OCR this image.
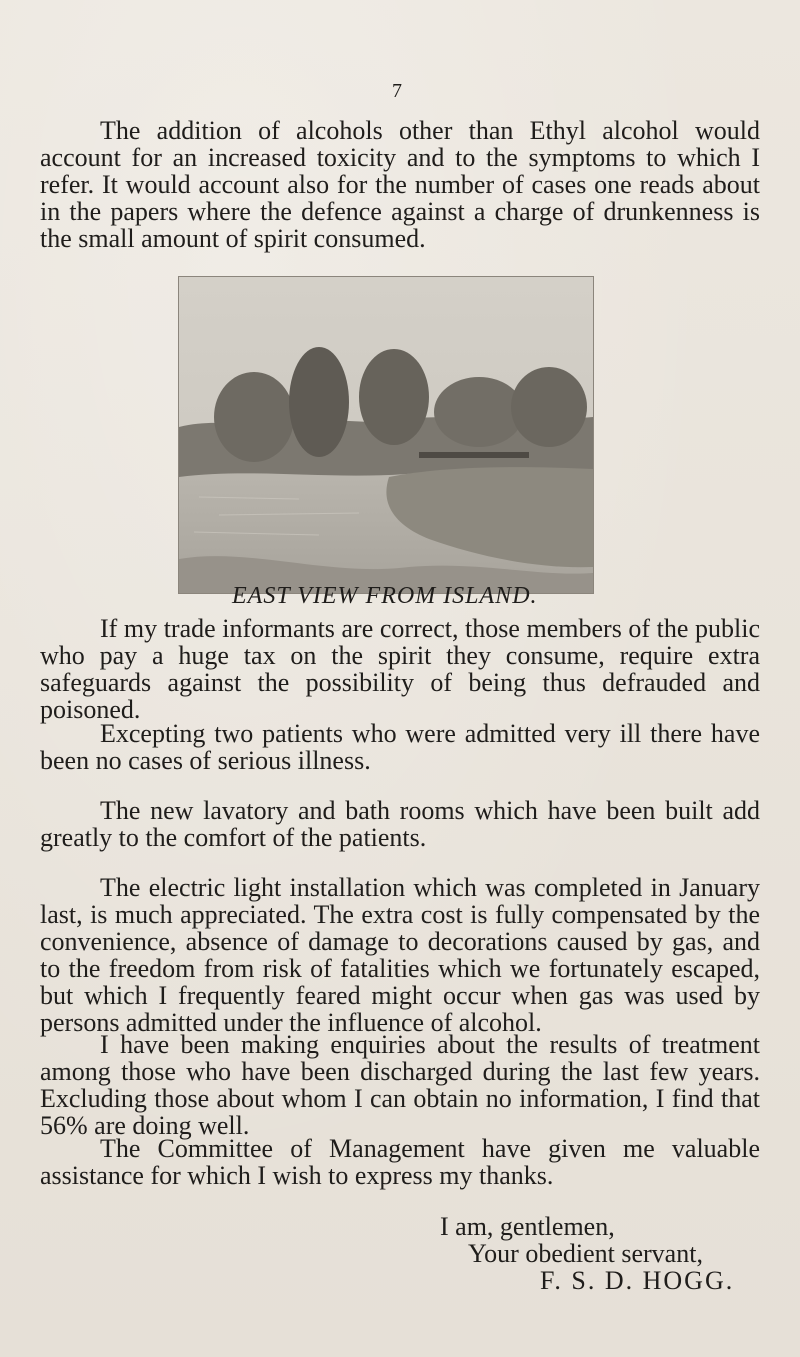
7

The addition of alcohols other than Ethyl alcohol would account for an increased toxicity and to the symptoms to which I refer. It would account also for the number of cases one reads about in the papers where the defence against a charge of drunkenness is the small amount of spirit consumed.

EAST VIEW FROM ISLAND.

If my trade informants are correct, those members of the public who pay a huge tax on the spirit they consume, require extra safeguards against the possibility of being thus defrauded and poisoned.

Excepting two patients who were admitted very ill there have been no cases of serious illness.

The new lavatory and bath rooms which have been built add greatly to the comfort of the patients.

The electric light installation which was completed in January last, is much appreciated. The extra cost is fully compensated by the convenience, absence of damage to decorations caused by gas, and to the freedom from risk of fatalities which we fortunately escaped, but which I frequently feared might occur when gas was used by persons admitted under the influence of alcohol.

I have been making enquiries about the results of treatment among those who have been discharged during the last few years. Excluding those about whom I can obtain no information, I find that 56% are doing well.

The Committee of Management have given me valuable assistance for which I wish to express my thanks.

I am, gentlemen,
Your obedient servant,
F. S. D. HOGG.
